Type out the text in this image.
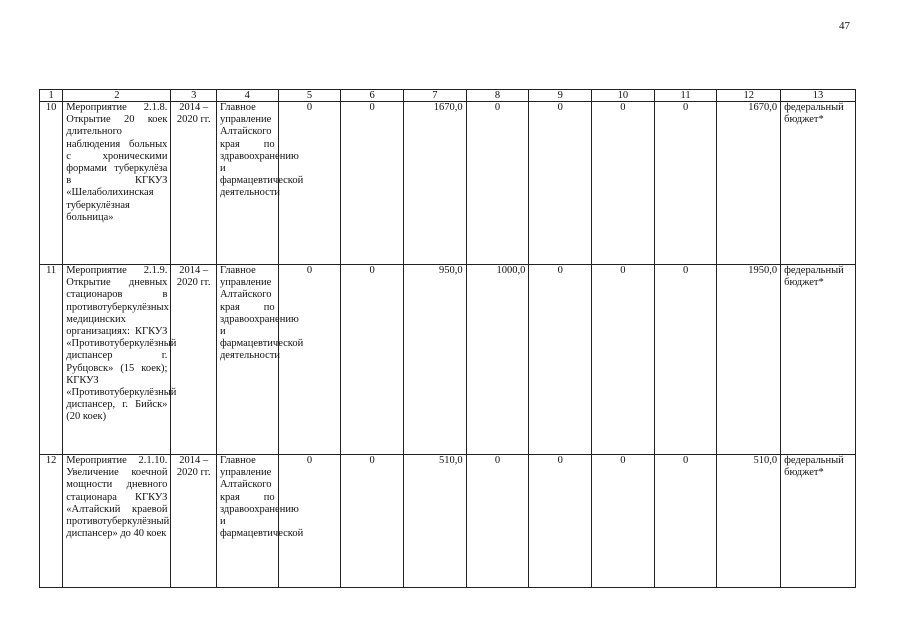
47
1	2	3	4	5	6	7	8	9	10	11	12	13
10	Мероприятие 2.1.8. Открытие 20 коек длительного наблюдения больных с хроническими формами туберкулёза в КГКУЗ «Шелаболихинская туберкулёзная больница»	2014 – 2020 гг.	Главное управление Алтайского края по здравоохранению и фармацевтической деятельности	0	0	1670,0	0	0	0	0	1670,0	федеральный бюджет*
11	Мероприятие 2.1.9. Открытие дневных стационаров в противотуберкулёзных медицинских организациях: КГКУЗ «Противотуберкулёзный диспансер г. Рубцовск» (15 коек); КГКУЗ «Противотуберкулёзный диспансер, г. Бийск» (20 коек)	2014 – 2020 гг.	Главное управление Алтайского края по здравоохранению и фармацевтической деятельности	0	0	950,0	1000,0	0	0	0	1950,0	федеральный бюджет*
12	Мероприятие 2.1.10. Увеличение коечной мощности дневного стационара КГКУЗ «Алтайский краевой противотуберкулёзный диспансер» до 40 коек	2014 – 2020 гг.	Главное управление Алтайского края по здравоохранению и фармацевтической	0	0	510,0	0	0	0	0	510,0	федеральный бюджет*
